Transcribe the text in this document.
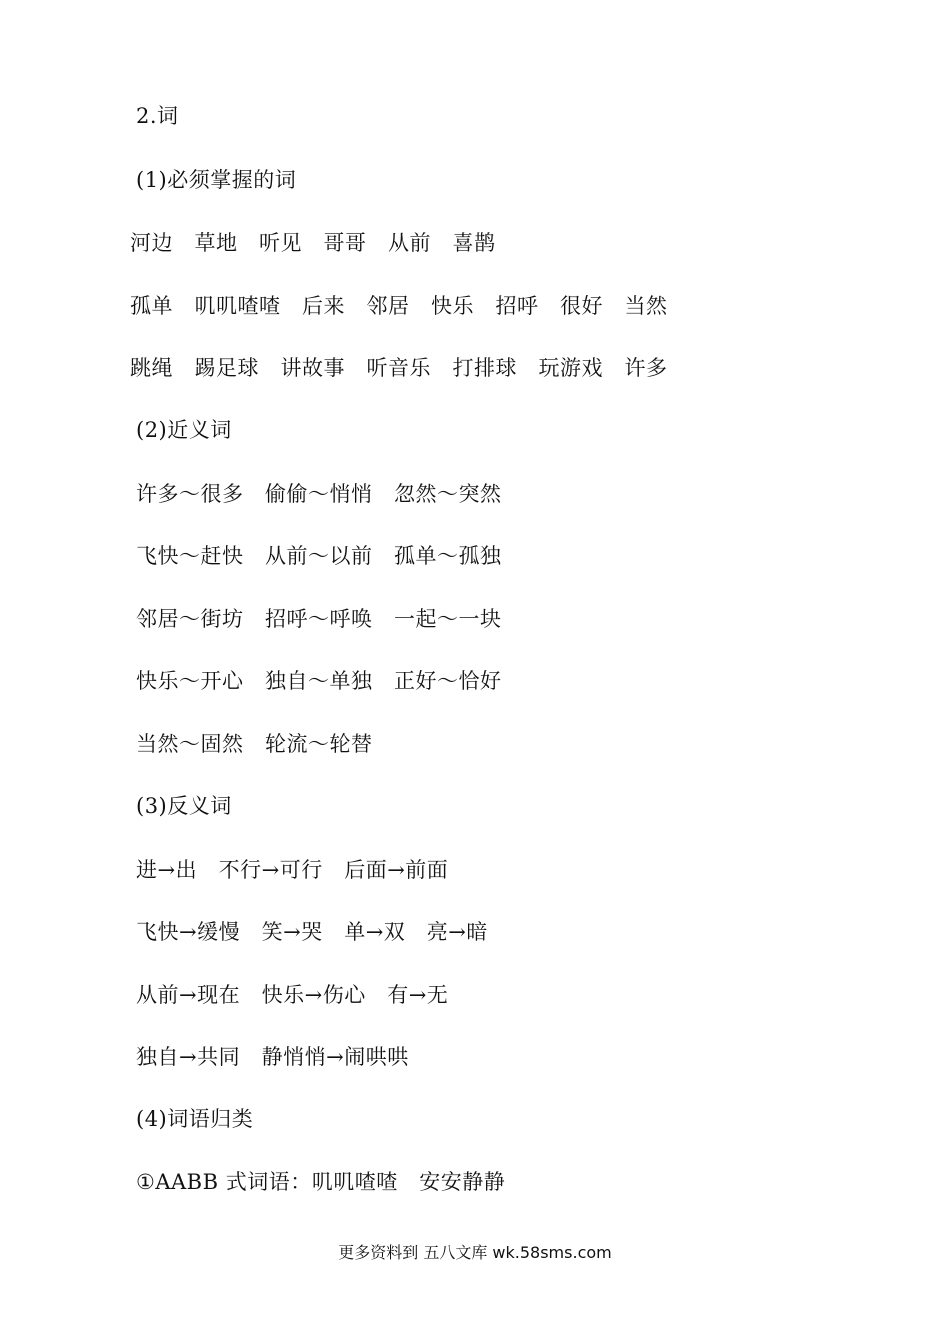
2.词
(1)必须掌握的词
河边　草地　听见　哥哥　从前　喜鹊
孤单　叽叽喳喳　后来　邻居　快乐　招呼　很好　当然
跳绳　踢足球　讲故事　听音乐　打排球　玩游戏　许多
(2)近义词
许多～很多　偷偷～悄悄　忽然～突然
飞快～赶快　从前～以前　孤单～孤独
邻居～街坊　招呼～呼唤　一起～一块
快乐～开心　独自～单独　正好～恰好
当然～固然　轮流～轮替
(3)反义词
进→出　不行→可行　后面→前面
飞快→缓慢　笑→哭　单→双　亮→暗
从前→现在　快乐→伤心　有→无
独自→共同　静悄悄→闹哄哄
(4)词语归类
①AABB 式词语：叽叽喳喳　安安静静
更多资料到 五八文库 wk.58sms.com
